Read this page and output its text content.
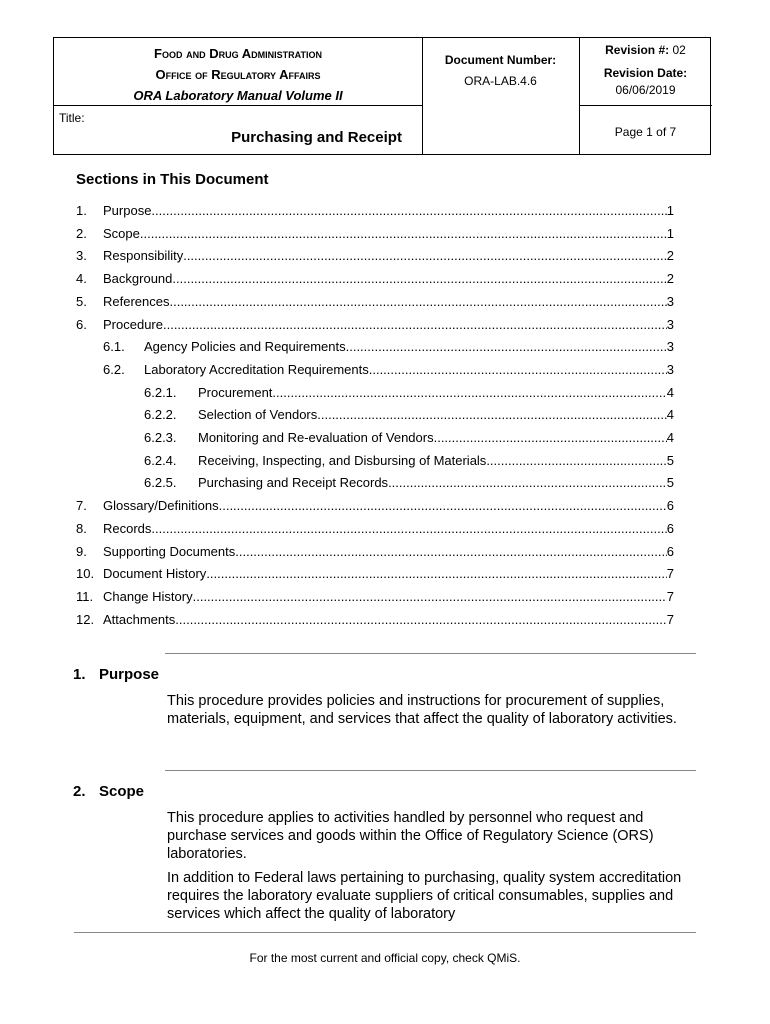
Food and Drug Administration
Office of Regulatory Affairs
ORA Laboratory Manual Volume II
Document Number:
ORA-LAB.4.6
Revision #: 02
Revision Date:
06/06/2019
Title:
Purchasing and Receipt	Page 1 of 7
Sections in This Document
1. Purpose .....	1
2. Scope .....	1
3. Responsibility .....	2
4. Background .....	2
5. References .....	3
6. Procedure .....	3
6.1. Agency Policies and Requirements .....	3
6.2. Laboratory Accreditation Requirements .....	3
6.2.1. Procurement .....	4
6.2.2. Selection of Vendors .....	4
6.2.3. Monitoring and Re-evaluation of Vendors .....	4
6.2.4. Receiving, Inspecting, and Disbursing of Materials .....	5
6.2.5. Purchasing and Receipt Records .....	5
7. Glossary/Definitions .....	6
8. Records .....	6
9. Supporting Documents .....	6
10. Document History .....	7
11. Change History .....	7
12. Attachments .....	7
1. Purpose
This procedure provides policies and instructions for procurement of supplies, materials, equipment, and services that affect the quality of laboratory activities.
2. Scope
This procedure applies to activities handled by personnel who request and purchase services and goods within the Office of Regulatory Science (ORS) laboratories.
In addition to Federal laws pertaining to purchasing, quality system accreditation requires the laboratory evaluate suppliers of critical consumables, supplies and services which affect the quality of laboratory
For the most current and official copy, check QMiS.
